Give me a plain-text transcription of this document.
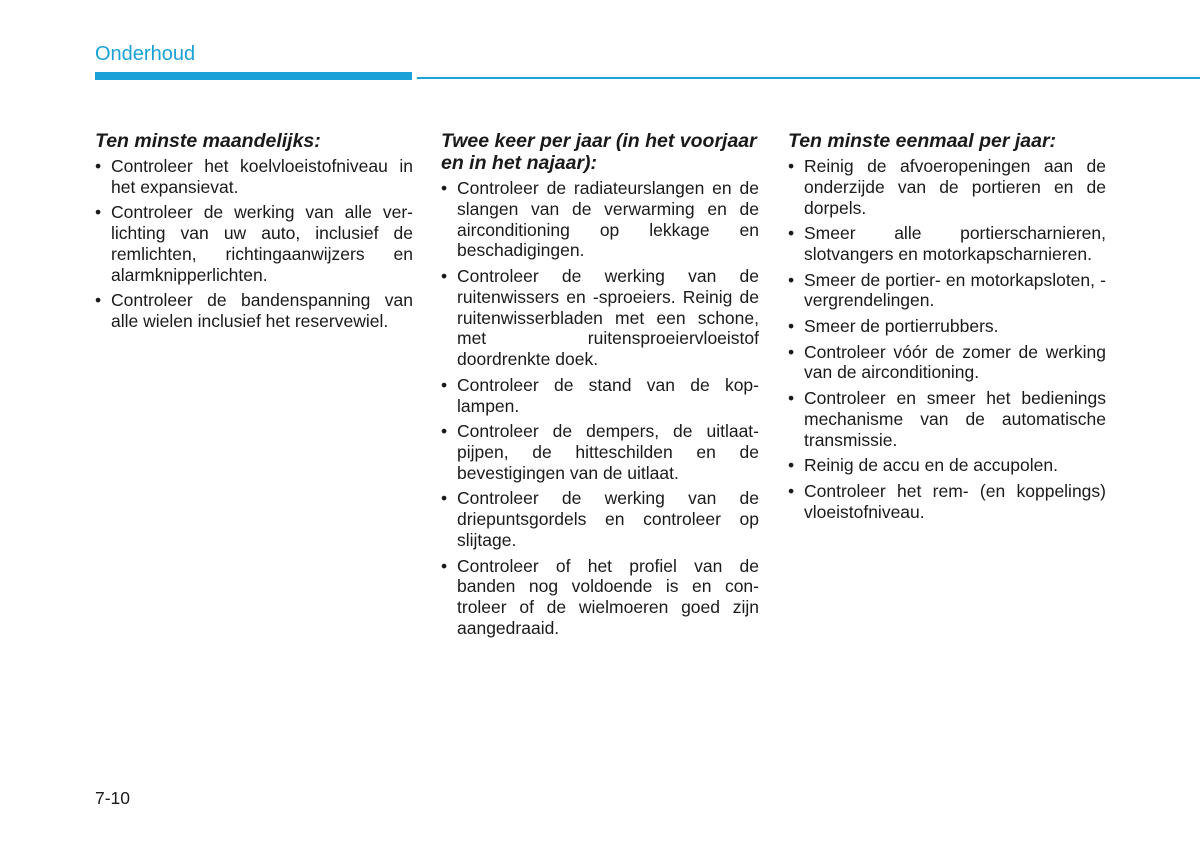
Onderhoud
Ten minste maandelijks:
• Controleer het koelvloeistofniveau in het expansievat.
• Controleer de werking van alle verlichting van uw auto, inclusief de remlichten, richtingaanwijzers en alarmknipperlichten.
• Controleer de bandenspanning van alle wielen inclusief het reservewiel.
Twee keer per jaar (in het voorjaar en in het najaar):
• Controleer de radiateurslangen en de slangen van de verwarming en de airconditioning op lekkage en beschadigingen.
• Controleer de werking van de ruitenwissers en -sproeiers. Reinig de ruitenwisserbladen met een schone, met ruitensproeiervloeistof doordrenkte doek.
• Controleer de stand van de koplampen.
• Controleer de dempers, de uitlaatpijpen, de hitteschilden en de bevestigingen van de uitlaat.
• Controleer de werking van de driepuntsgordels en controleer op slijtage.
• Controleer of het profiel van de banden nog voldoende is en controleer of de wielmoeren goed zijn aangedraaid.
Ten minste eenmaal per jaar:
• Reinig de afvoeropeningen aan de onderzijde van de portieren en de dorpels.
• Smeer alle portierscharnieren, slotvangers en motorkapscharnieren.
• Smeer de portier- en motorkapsloten, -vergrendelingen.
• Smeer de portierrubbers.
• Controleer vóór de zomer de werking van de airconditioning.
• Controleer en smeer het bedienings mechanisme van de automatische transmissie.
• Reinig de accu en de accupolen.
• Controleer het rem- (en koppelings) vloeistofniveau.
7-10
